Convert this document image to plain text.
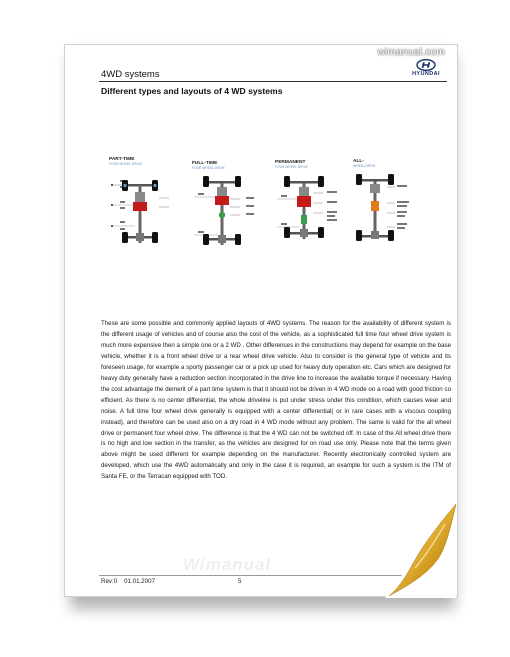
wimanual.com
HYUNDAI
4WD systems
Different types and layouts of 4 WD systems
PART-TIME
FOUR WHEEL DRIVE	FULL-TIME
FOUR WHEEL DRIVE
PERMANENT
FOUR WHEEL DRIVE
ALL-
WHEEL DRIVE

These are some possible and commonly applied layouts of 4WD systems. The reason for the availability of different system is the different usage of vehicles and of course also the cost of the vehicle, as a sophisticated full time four wheel drive system is much more expensive then a simple one or a 2 WD . Other differences in the constructions may depend for example on the base vehicle, whether it is a front wheel drive or a rear wheel drive vehicle. Also to consider is the general type of vehicle and its foreseen usage, for example a sporty passenger car or a pick up used for heavy duty operation etc. Cars which are designed for heavy duty generally have a reduction section incorporated in the drive line to increase the available torque if necessary. Having the cost advantage the demerit of a part time system is that it should not be driven in 4 WD mode on a road with good friction co efficient. As there is no center differential, the whole driveline is put under stress under this condition, which causes wear and noise. A full time four wheel drive generally is equipped with a center differential( or in rare cases with a viscous coupling instead), and therefore can be used also on a dry road in 4 WD mode without any problem. The same is valid for the all wheel drive or permanent four wheel drive. The difference is that the 4 WD can not be switched off. In case of the All wheel drive there is no high and low section in the transfer, as the vehicles are designed for on road use only. Please note that the terms given above might be used different for example depending on the manufacturer. Recently electronically controlled system are developed, which use the 4WD automatically and only in the case it is required, an example for such a system is the ITM of Santa FE, or the Terracan equipped with TOD.

Wimanual
Rev:0 01.01.2007	5
